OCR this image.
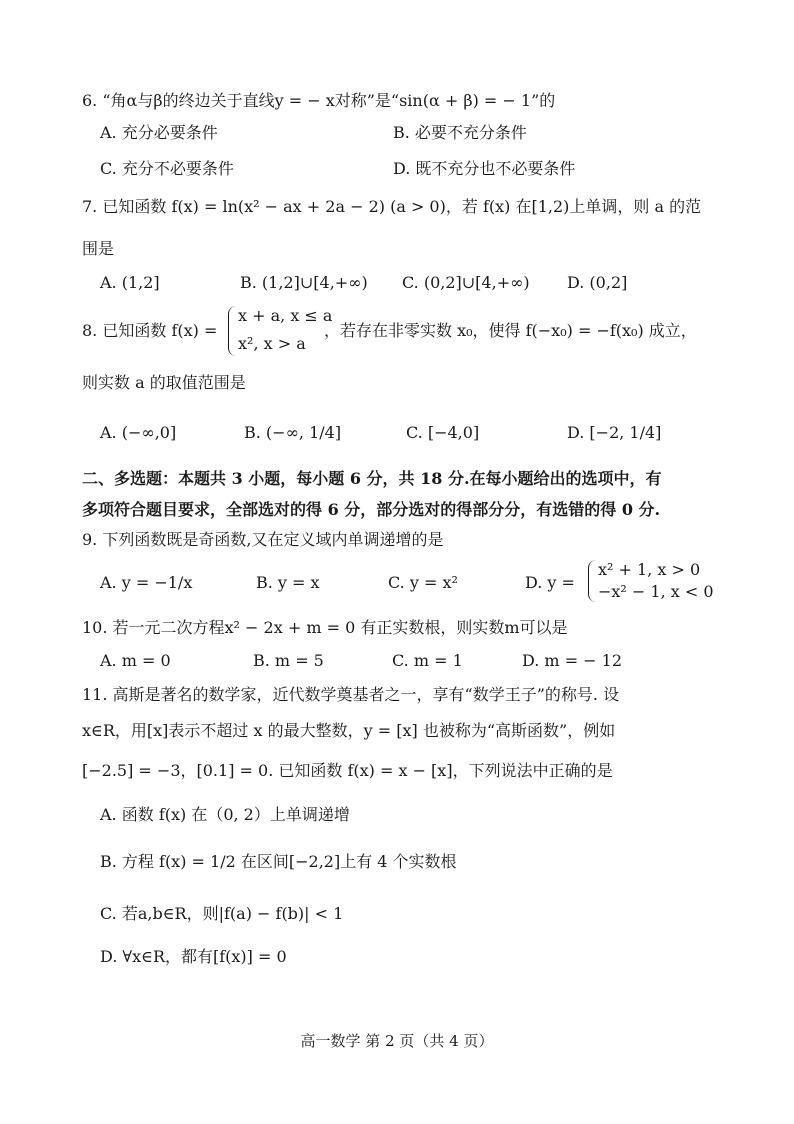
6. “角α与β的终边关于直线y = − x对称”是“sin(α + β) = − 1”的
A. 充分必要条件	B. 必要不充分条件
C. 充分不必要条件	D. 既不充分也不必要条件
7. 已知函数 f(x) = ln(x² − ax + 2a − 2) (a > 0)，若 f(x) 在[1,2)上单调，则 a 的范
围是
A. (1,2]	B. (1,2]∪[4,+∞) C. (0,2]∪[4,+∞) D. (0,2]
8. 已知函数 f(x) =
x + a, x ≤ a
x², x > a
，若存在非零实数 x₀，使得 f(−x₀) = −f(x₀) 成立，
则实数 a 的取值范围是
A. (−∞,0]	B. (−∞, 1/4]	C. [−4,0]	D. [−2, 1/4]
二、多选题：本题共 3 小题，每小题 6 分，共 18 分.在每小题给出的选项中，有
多项符合题目要求，全部选对的得 6 分，部分选对的得部分分，有选错的得 0 分.
9. 下列函数既是奇函数,又在定义域内单调递增的是
A. y = −1/x	B. y = x	C. y = x²	D. y =
x² + 1, x > 0
−x² − 1, x < 0
10. 若一元二次方程x² − 2x + m = 0 有正实数根，则实数m可以是
A. m = 0	B. m = 5	C. m = 1	D. m = − 12
11. 高斯是著名的数学家，近代数学奠基者之一，享有“数学王子”的称号. 设
x∈R，用[x]表示不超过 x 的最大整数，y = [x] 也被称为“高斯函数”，例如
[−2.5] = −3，[0.1] = 0. 已知函数 f(x) = x − [x]，下列说法中正确的是
A. 函数 f(x) 在（0, 2）上单调递增
B. 方程 f(x) = 1/2 在区间[−2,2]上有 4 个实数根
C. 若a,b∈R，则|f(a) − f(b)| < 1
D. ∀x∈R，都有[f(x)] = 0
高一数学 第 2 页（共 4 页）
